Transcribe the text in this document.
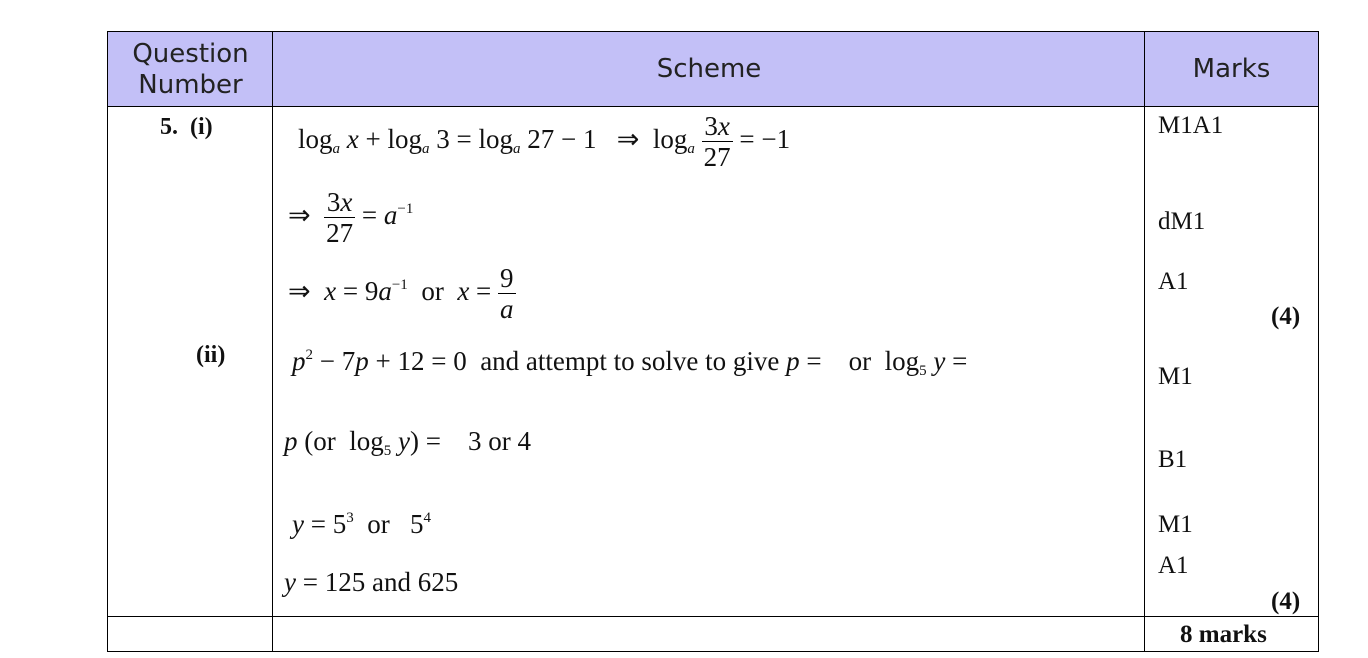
Question
Number
Scheme	Marks
5. (i)
(ii)
$\log_a x + \log_a 3 = \log_a 27 - 1$   ⇒ $\log_a \frac{3x}{27} = -1$
⇒ $\frac{3x}{27} = a^{-1}$
⇒ $x = 9a^{-1}$ or $x = \frac{9}{a}$
$p^2 - 7p + 12 = 0$  and attempt to solve to give p =    or $\log_5 y$ =
p (or $\log_5 y$) =    3 or 4
$y = 5^3$ or   $5^4$
y = 125 and 625
M1A1
dM1
A1
(4)
M1
B1
M1
A1
(4)
8 marks
